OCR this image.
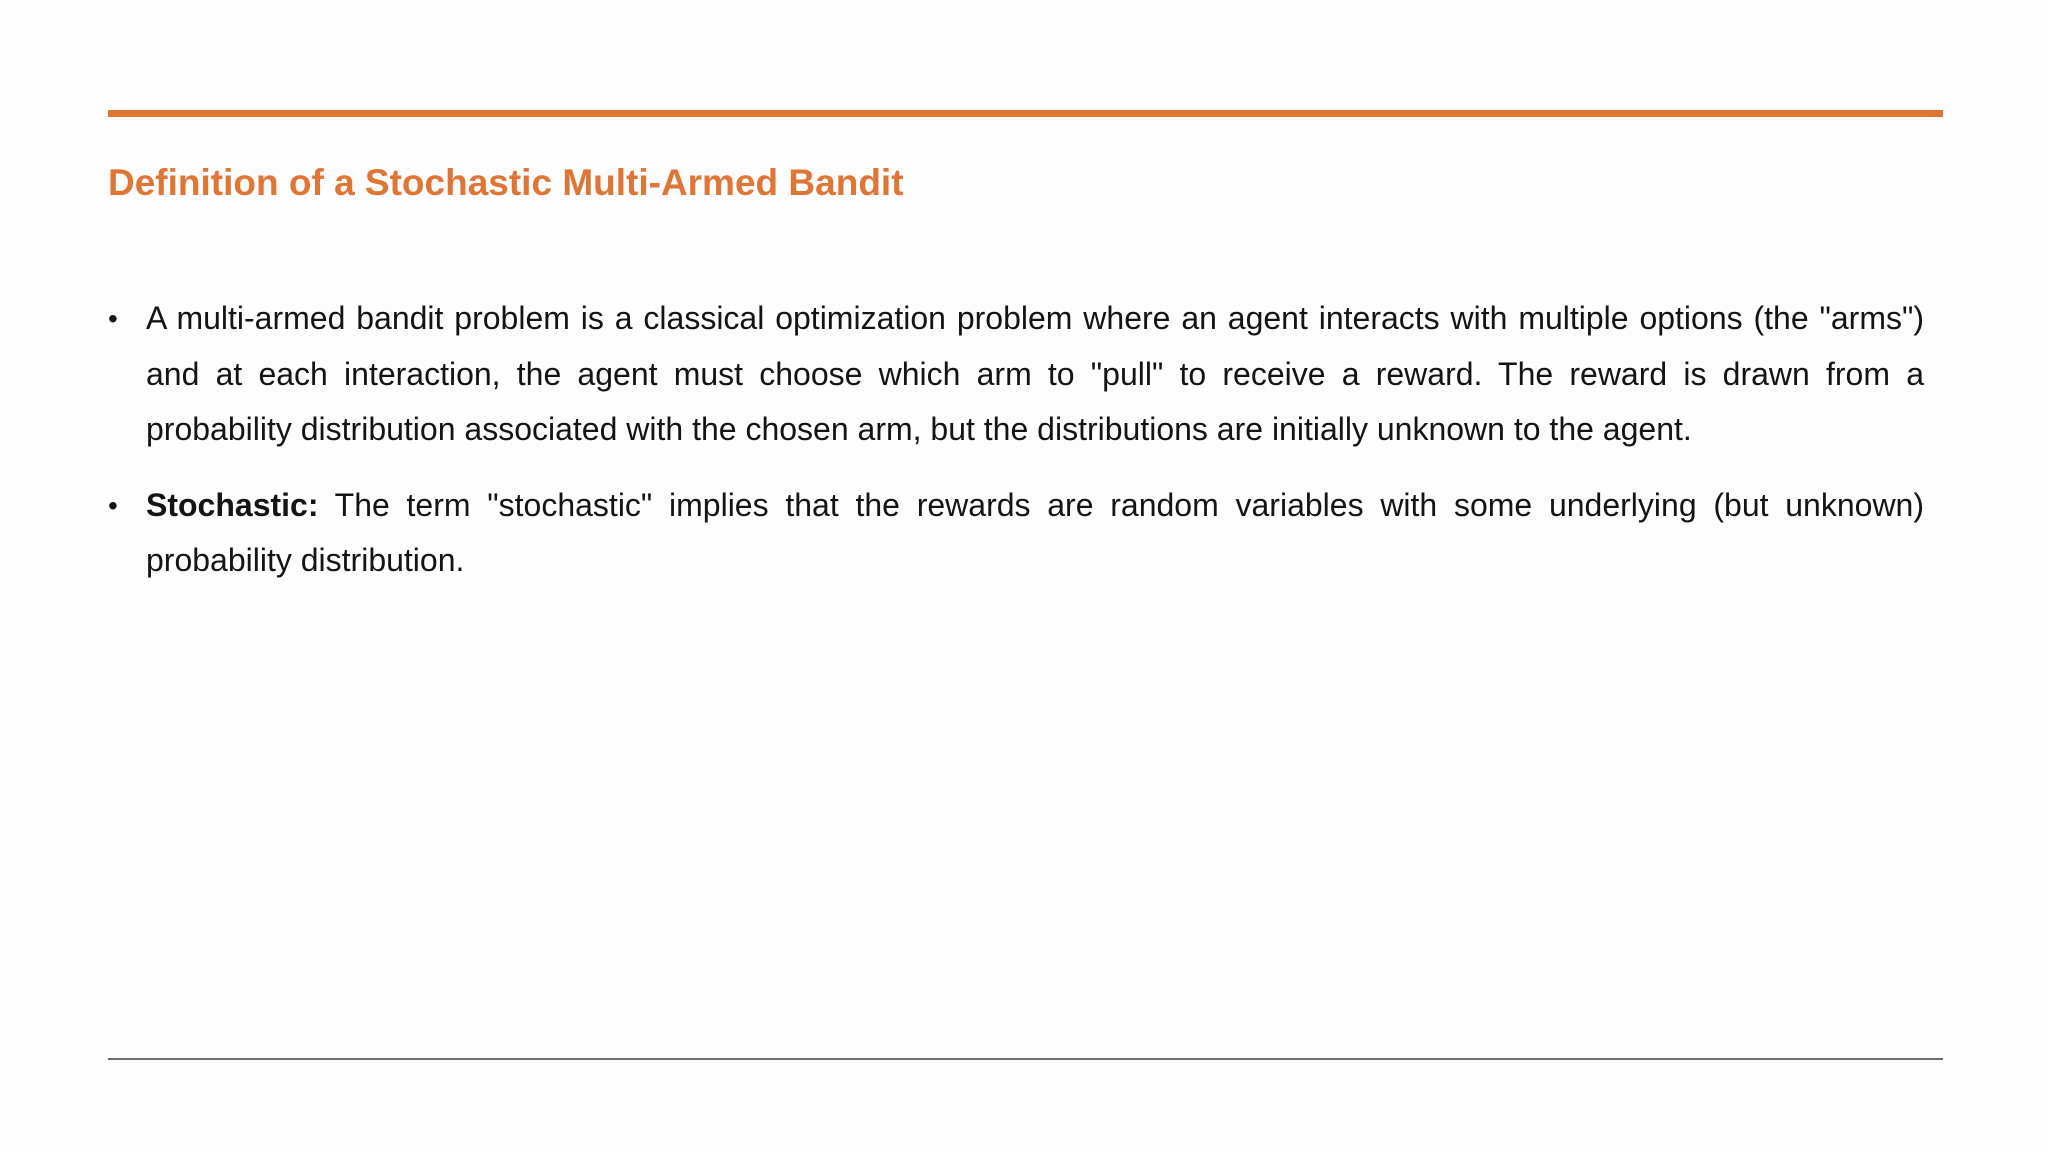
Definition of a Stochastic Multi-Armed Bandit
• A multi-armed bandit problem is a classical optimization problem where an agent interacts with multiple options (the "arms") and at each interaction, the agent must choose which arm to "pull" to receive a reward. The reward is drawn from a probability distribution associated with the chosen arm, but the distributions are initially unknown to the agent.
• Stochastic: The term "stochastic" implies that the rewards are random variables with some underlying (but unknown) probability distribution.
